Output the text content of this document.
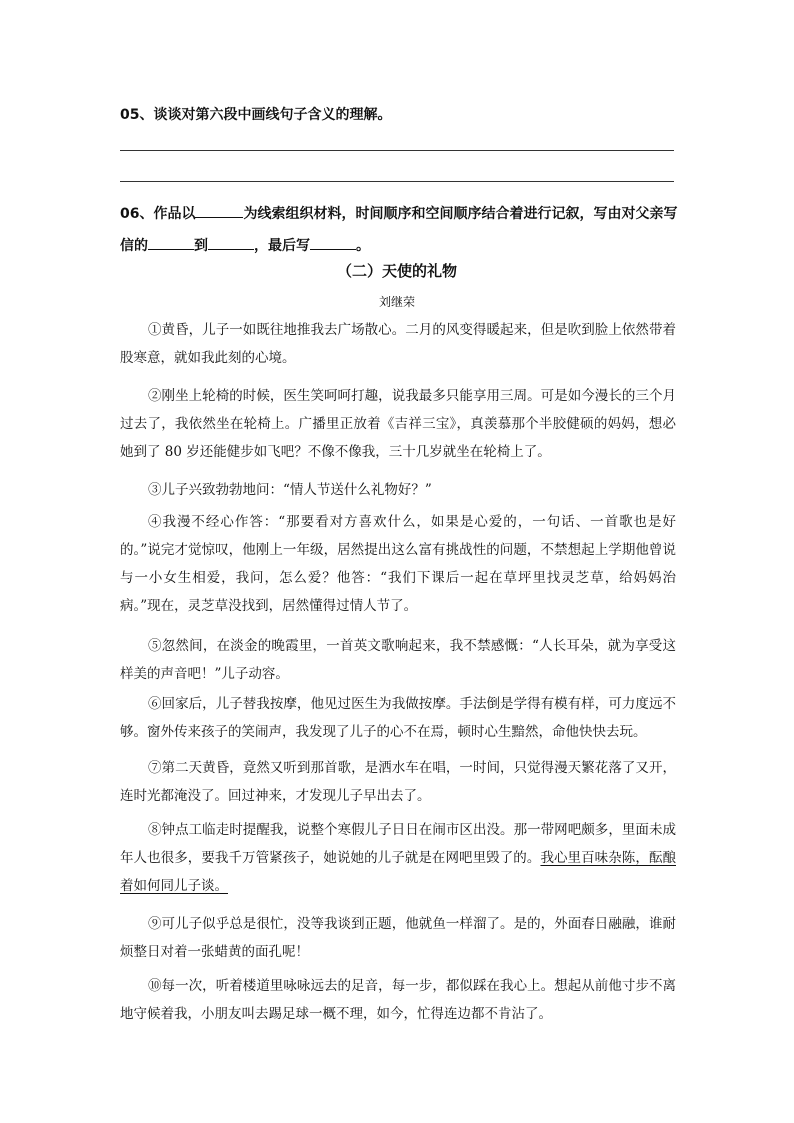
05、谈谈对第六段中画线句子含义的理解。
06、作品以	为线索组织材料，时间顺序和空间顺序结合着进行记叙，写由对父亲写
信的	到	，最后写	。
（二）天使的礼物
刘继荣
①黄昏，儿子一如既往地推我去广场散心。二月的风变得暖起来，但是吹到脸上依然带着股寒意，就如我此刻的心境。
②刚坐上轮椅的时候，医生笑呵呵打趣，说我最多只能享用三周。可是如今漫长的三个月过去了，我依然坐在轮椅上。广播里正放着《吉祥三宝》，真羡慕那个半胶健硕的妈妈，想必她到了 80 岁还能健步如飞吧？不像不像我，三十几岁就坐在轮椅上了。
③儿子兴致勃勃地问：“情人节送什么礼物好？”
④我漫不经心作答：“那要看对方喜欢什么，如果是心爱的，一句话、一首歌也是好的。”说完才觉惊叹，他刚上一年级，居然提出这么富有挑战性的问题，不禁想起上学期他曾说与一小女生相爱，我问，怎么爱？他答：“我们下课后一起在草坪里找灵芝草，给妈妈治病。”现在，灵芝草没找到，居然懂得过情人节了。
⑤忽然间，在淡金的晚霞里，一首英文歌响起来，我不禁感慨：“人长耳朵，就为享受这样美的声音吧！”儿子动容。
⑥回家后，儿子替我按摩，他见过医生为我做按摩。手法倒是学得有模有样，可力度远不够。窗外传来孩子的笑闹声，我发现了儿子的心不在焉，顿时心生黯然，命他快快去玩。
⑦第二天黄昏，竟然又听到那首歌，是洒水车在唱，一时间，只觉得漫天繁花落了又开，连时光都淹没了。回过神来，才发现儿子早出去了。
⑧钟点工临走时提醒我，说整个寒假儿子日日在闹市区出没。那一带网吧颇多，里面未成年人也很多，要我千万管紧孩子，她说她的儿子就是在网吧里毁了的。我心里百味杂陈，酝酿着如何同儿子谈。
⑨可儿子似乎总是很忙，没等我谈到正题，他就鱼一样溜了。是的，外面春日融融，谁耐烦整日对着一张蜡黄的面孔呢！
⑩每一次，听着楼道里咏咏远去的足音，每一步，都似踩在我心上。想起从前他寸步不离地守候着我，小朋友叫去踢足球一概不理，如今，忙得连边都不肯沾了。
